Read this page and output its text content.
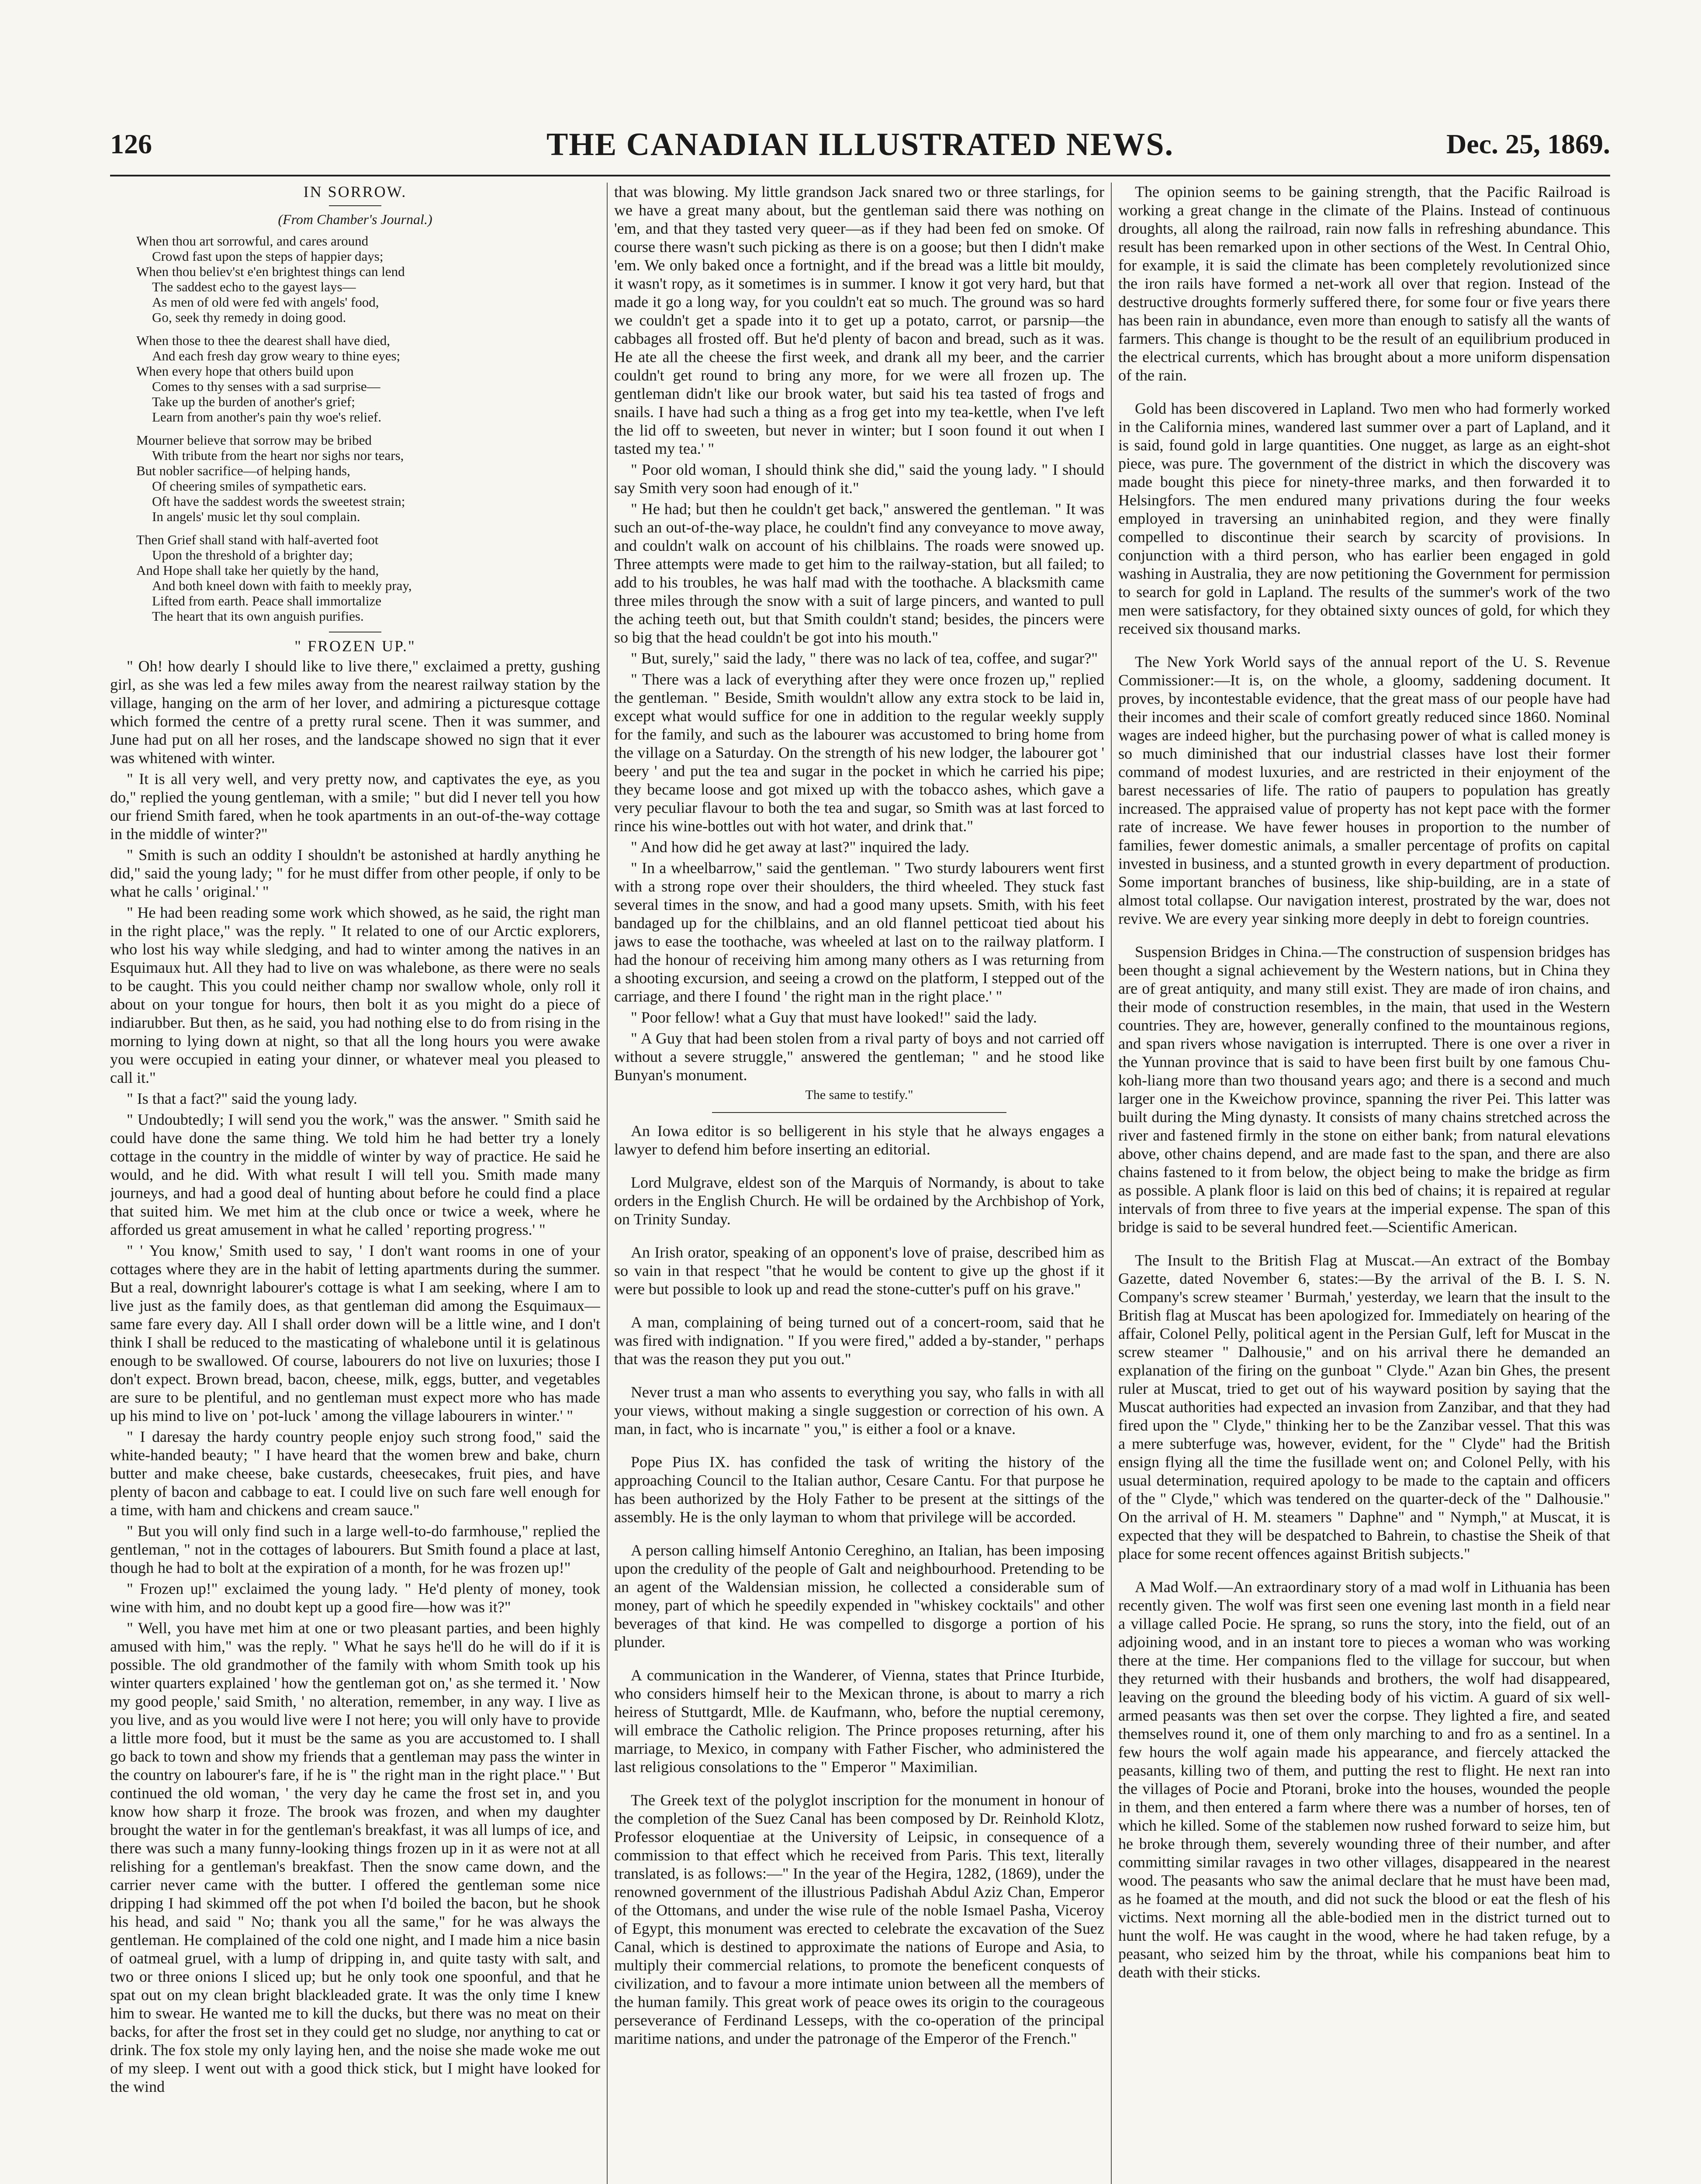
126	THE CANADIAN ILLUSTRATED NEWS.	Dec. 25, 1869.
IN SORROW.
(From Chamber's Journal.)
When thou art sorrowful, and cares around
Crowd fast upon the steps of happier days;
When thou believ'st e'en brightest things can lend
The saddest echo to the gayest lays—
As men of old were fed with angels' food,
Go, seek thy remedy in doing good.
When those to thee the dearest shall have died,
And each fresh day grow weary to thine eyes;
When every hope that others build upon
Comes to thy senses with a sad surprise—
Take up the burden of another's grief;
Learn from another's pain thy woe's relief.
Mourner believe that sorrow may be bribed
With tribute from the heart nor sighs nor tears,
But nobler sacrifice—of helping hands,
Of cheering smiles of sympathetic ears.
Oft have the saddest words the sweetest strain;
In angels' music let thy soul complain.
Then Grief shall stand with half-averted foot
Upon the threshold of a brighter day;
And Hope shall take her quietly by the hand,
And both kneel down with faith to meekly pray,
Lifted from earth. Peace shall immortalize
The heart that its own anguish purifies.
" FROZEN UP."

" Oh! how dearly I should like to live there," exclaimed a pretty, gushing girl, as she was led a few miles away from the nearest railway station by the village, hanging on the arm of her lover, and admiring a picturesque cottage which formed the centre of a pretty rural scene. Then it was summer, and June had put on all her roses, and the landscape showed no sign that it ever was whitened with winter.

" It is all very well, and very pretty now, and captivates the eye, as you do," replied the young gentleman, with a smile; " but did I never tell you how our friend Smith fared, when he took apartments in an out-of-the-way cottage in the middle of winter?"

" Smith is such an oddity I shouldn't be astonished at hardly anything he did," said the young lady; " for he must differ from other people, if only to be what he calls ' original.' "

" He had been reading some work which showed, as he said, the right man in the right place," was the reply. " It related to one of our Arctic explorers, who lost his way while sledging, and had to winter among the natives in an Esquimaux hut. All they had to live on was whalebone, as there were no seals to be caught. This you could neither champ nor swallow whole, only roll it about on your tongue for hours, then bolt it as you might do a piece of indiarubber. But then, as he said, you had nothing else to do from rising in the morning to lying down at night, so that all the long hours you were awake you were occupied in eating your dinner, or whatever meal you pleased to call it."

" Is that a fact?" said the young lady.

" Undoubtedly; I will send you the work," was the answer. " Smith said he could have done the same thing. We told him he had better try a lonely cottage in the country in the middle of winter by way of practice. He said he would, and he did. With what result I will tell you. Smith made many journeys, and had a good deal of hunting about before he could find a place that suited him. We met him at the club once or twice a week, where he afforded us great amusement in what he called ' reporting progress.' "

" ' You know,' Smith used to say, ' I don't want rooms in one of your cottages where they are in the habit of letting apartments during the summer. But a real, downright labourer's cottage is what I am seeking, where I am to live just as the family does, as that gentleman did among the Esquimaux—same fare every day. All I shall order down will be a little wine, and I don't think I shall be reduced to the masticating of whalebone until it is gelatinous enough to be swallowed. Of course, labourers do not live on luxuries; those I don't expect. Brown bread, bacon, cheese, milk, eggs, butter, and vegetables are sure to be plentiful, and no gentleman must expect more who has made up his mind to live on ' pot-luck ' among the village labourers in winter.' "

" I daresay the hardy country people enjoy such strong food," said the white-handed beauty; " I have heard that the women brew and bake, churn butter and make cheese, bake custards, cheesecakes, fruit pies, and have plenty of bacon and cabbage to eat. I could live on such fare well enough for a time, with ham and chickens and cream sauce."

" But you will only find such in a large well-to-do farmhouse," replied the gentleman, " not in the cottages of labourers. But Smith found a place at last, though he had to bolt at the expiration of a month, for he was frozen up!"

" Frozen up!" exclaimed the young lady. " He'd plenty of money, took wine with him, and no doubt kept up a good fire—how was it?"

" Well, you have met him at one or two pleasant parties, and been highly amused with him," was the reply. " What he says he'll do he will do if it is possible. The old grandmother of the family with whom Smith took up his winter quarters explained ' how the gentleman got on,' as she termed it. ' Now my good people,' said Smith, ' no alteration, remember, in any way. I live as you live, and as you would live were I not here; you will only have to provide a little more food, but it must be the same as you are accustomed to. I shall go back to town and show my friends that a gentleman may pass the winter in the country on labourer's fare, if he is " the right man in the right place." ' But continued the old woman, ' the very day he came the frost set in, and you know how sharp it froze. The brook was frozen, and when my daughter brought the water in for the gentleman's breakfast, it was all lumps of ice, and there was such a many funny-looking things frozen up in it as were not at all relishing for a gentleman's breakfast. Then the snow came down, and the carrier never came with the butter. I offered the gentleman some nice dripping I had skimmed off the pot when I'd boiled the bacon, but he shook his head, and said " No; thank you all the same," for he was always the gentleman. He complained of the cold one night, and I made him a nice basin of oatmeal gruel, with a lump of dripping in, and quite tasty with salt, and two or three onions I sliced up; but he only took one spoonful, and that he spat out on my clean bright blackleaded grate. It was the only time I knew him to swear. He wanted me to kill the ducks, but there was no meat on their backs, for after the frost set in they could get no sludge, nor anything to cat or drink. The fox stole my only laying hen, and the noise she made woke me out of my sleep. I went out with a good thick stick, but I might have looked for the wind

that was blowing. My little grandson Jack snared two or three starlings, for we have a great many about, but the gentleman said there was nothing on 'em, and that they tasted very queer—as if they had been fed on smoke. Of course there wasn't such picking as there is on a goose; but then I didn't make 'em. We only baked once a fortnight, and if the bread was a little bit mouldy, it wasn't ropy, as it sometimes is in summer. I know it got very hard, but that made it go a long way, for you couldn't eat so much. The ground was so hard we couldn't get a spade into it to get up a potato, carrot, or parsnip—the cabbages all frosted off. But he'd plenty of bacon and bread, such as it was. He ate all the cheese the first week, and drank all my beer, and the carrier couldn't get round to bring any more, for we were all frozen up. The gentleman didn't like our brook water, but said his tea tasted of frogs and snails. I have had such a thing as a frog get into my tea-kettle, when I've left the lid off to sweeten, but never in winter; but I soon found it out when I tasted my tea.' "

" Poor old woman, I should think she did," said the young lady. " I should say Smith very soon had enough of it."

" He had; but then he couldn't get back," answered the gentleman. " It was such an out-of-the-way place, he couldn't find any conveyance to move away, and couldn't walk on account of his chilblains. The roads were snowed up. Three attempts were made to get him to the railway-station, but all failed; to add to his troubles, he was half mad with the toothache. A blacksmith came three miles through the snow with a suit of large pincers, and wanted to pull the aching teeth out, but that Smith couldn't stand; besides, the pincers were so big that the head couldn't be got into his mouth."

" But, surely," said the lady, " there was no lack of tea, coffee, and sugar?"

" There was a lack of everything after they were once frozen up," replied the gentleman. " Beside, Smith wouldn't allow any extra stock to be laid in, except what would suffice for one in addition to the regular weekly supply for the family, and such as the labourer was accustomed to bring home from the village on a Saturday. On the strength of his new lodger, the labourer got ' beery ' and put the tea and sugar in the pocket in which he carried his pipe; they became loose and got mixed up with the tobacco ashes, which gave a very peculiar flavour to both the tea and sugar, so Smith was at last forced to rince his wine-bottles out with hot water, and drink that."

" And how did he get away at last?" inquired the lady.

" In a wheelbarrow," said the gentleman. " Two sturdy labourers went first with a strong rope over their shoulders, the third wheeled. They stuck fast several times in the snow, and had a good many upsets. Smith, with his feet bandaged up for the chilblains, and an old flannel petticoat tied about his jaws to ease the toothache, was wheeled at last on to the railway platform. I had the honour of receiving him among many others as I was returning from a shooting excursion, and seeing a crowd on the platform, I stepped out of the carriage, and there I found ' the right man in the right place.' "

" Poor fellow! what a Guy that must have looked!" said the lady.

" A Guy that had been stolen from a rival party of boys and not carried off without a severe struggle," answered the gentleman; " and he stood like Bunyan's monument.

The same to testify."

An Iowa editor is so belligerent in his style that he always engages a lawyer to defend him before inserting an editorial.

Lord Mulgrave, eldest son of the Marquis of Normandy, is about to take orders in the English Church. He will be ordained by the Archbishop of York, on Trinity Sunday.

An Irish orator, speaking of an opponent's love of praise, described him as so vain in that respect "that he would be content to give up the ghost if it were but possible to look up and read the stone-cutter's puff on his grave."

A man, complaining of being turned out of a concert-room, said that he was fired with indignation. " If you were fired," added a by-stander, " perhaps that was the reason they put you out."

Never trust a man who assents to everything you say, who falls in with all your views, without making a single suggestion or correction of his own. A man, in fact, who is incarnate " you," is either a fool or a knave.

Pope Pius IX. has confided the task of writing the history of the approaching Council to the Italian author, Cesare Cantu. For that purpose he has been authorized by the Holy Father to be present at the sittings of the assembly. He is the only layman to whom that privilege will be accorded.

A person calling himself Antonio Cereghino, an Italian, has been imposing upon the credulity of the people of Galt and neighbourhood. Pretending to be an agent of the Waldensian mission, he collected a considerable sum of money, part of which he speedily expended in "whiskey cocktails" and other beverages of that kind. He was compelled to disgorge a portion of his plunder.

A communication in the Wanderer, of Vienna, states that Prince Iturbide, who considers himself heir to the Mexican throne, is about to marry a rich heiress of Stuttgardt, Mlle. de Kaufmann, who, before the nuptial ceremony, will embrace the Catholic religion. The Prince proposes returning, after his marriage, to Mexico, in company with Father Fischer, who administered the last religious consolations to the " Emperor " Maximilian.

The Greek text of the polyglot inscription for the monument in honour of the completion of the Suez Canal has been composed by Dr. Reinhold Klotz, Professor eloquentiae at the University of Leipsic, in consequence of a commission to that effect which he received from Paris. This text, literally translated, is as follows:—" In the year of the Hegira, 1282, (1869), under the renowned government of the illustrious Padishah Abdul Aziz Chan, Emperor of the Ottomans, and under the wise rule of the noble Ismael Pasha, Viceroy of Egypt, this monument was erected to celebrate the excavation of the Suez Canal, which is destined to approximate the nations of Europe and Asia, to multiply their commercial relations, to promote the beneficent conquests of civilization, and to favour a more intimate union between all the members of the human family. This great work of peace owes its origin to the courageous perseverance of Ferdinand Lesseps, with the co-operation of the principal maritime nations, and under the patronage of the Emperor of the French."

The opinion seems to be gaining strength, that the Pacific Railroad is working a great change in the climate of the Plains. Instead of continuous droughts, all along the railroad, rain now falls in refreshing abundance. This result has been remarked upon in other sections of the West. In Central Ohio, for example, it is said the climate has been completely revolutionized since the iron rails have formed a net-work all over that region. Instead of the destructive droughts formerly suffered there, for some four or five years there has been rain in abundance, even more than enough to satisfy all the wants of farmers. This change is thought to be the result of an equilibrium produced in the electrical currents, which has brought about a more uniform dispensation of the rain.

Gold has been discovered in Lapland. Two men who had formerly worked in the California mines, wandered last summer over a part of Lapland, and it is said, found gold in large quantities. One nugget, as large as an eight-shot piece, was pure. The government of the district in which the discovery was made bought this piece for ninety-three marks, and then forwarded it to Helsingfors. The men endured many privations during the four weeks employed in traversing an uninhabited region, and they were finally compelled to discontinue their search by scarcity of provisions. In conjunction with a third person, who has earlier been engaged in gold washing in Australia, they are now petitioning the Government for permission to search for gold in Lapland. The results of the summer's work of the two men were satisfactory, for they obtained sixty ounces of gold, for which they received six thousand marks.

The New York World says of the annual report of the U. S. Revenue Commissioner:—It is, on the whole, a gloomy, saddening document. It proves, by incontestable evidence, that the great mass of our people have had their incomes and their scale of comfort greatly reduced since 1860. Nominal wages are indeed higher, but the purchasing power of what is called money is so much diminished that our industrial classes have lost their former command of modest luxuries, and are restricted in their enjoyment of the barest necessaries of life. The ratio of paupers to population has greatly increased. The appraised value of property has not kept pace with the former rate of increase. We have fewer houses in proportion to the number of families, fewer domestic animals, a smaller percentage of profits on capital invested in business, and a stunted growth in every department of production. Some important branches of business, like ship-building, are in a state of almost total collapse. Our navigation interest, prostrated by the war, does not revive. We are every year sinking more deeply in debt to foreign countries.

Suspension Bridges in China.—The construction of suspension bridges has been thought a signal achievement by the Western nations, but in China they are of great antiquity, and many still exist. They are made of iron chains, and their mode of construction resembles, in the main, that used in the Western countries. They are, however, generally confined to the mountainous regions, and span rivers whose navigation is interrupted. There is one over a river in the Yunnan province that is said to have been first built by one famous Chu-koh-liang more than two thousand years ago; and there is a second and much larger one in the Kweichow province, spanning the river Pei. This latter was built during the Ming dynasty. It consists of many chains stretched across the river and fastened firmly in the stone on either bank; from natural elevations above, other chains depend, and are made fast to the span, and there are also chains fastened to it from below, the object being to make the bridge as firm as possible. A plank floor is laid on this bed of chains; it is repaired at regular intervals of from three to five years at the imperial expense. The span of this bridge is said to be several hundred feet.—Scientific American.

The Insult to the British Flag at Muscat.—An extract of the Bombay Gazette, dated November 6, states:—By the arrival of the B. I. S. N. Company's screw steamer ' Burmah,' yesterday, we learn that the insult to the British flag at Muscat has been apologized for. Immediately on hearing of the affair, Colonel Pelly, political agent in the Persian Gulf, left for Muscat in the screw steamer " Dalhousie," and on his arrival there he demanded an explanation of the firing on the gunboat " Clyde." Azan bin Ghes, the present ruler at Muscat, tried to get out of his wayward position by saying that the Muscat authorities had expected an invasion from Zanzibar, and that they had fired upon the " Clyde," thinking her to be the Zanzibar vessel. That this was a mere subterfuge was, however, evident, for the " Clyde" had the British ensign flying all the time the fusillade went on; and Colonel Pelly, with his usual determination, required apology to be made to the captain and officers of the " Clyde," which was tendered on the quarter-deck of the " Dalhousie." On the arrival of H. M. steamers " Daphne" and " Nymph," at Muscat, it is expected that they will be despatched to Bahrein, to chastise the Sheik of that place for some recent offences against British subjects."

A Mad Wolf.—An extraordinary story of a mad wolf in Lithuania has been recently given. The wolf was first seen one evening last month in a field near a village called Pocie. He sprang, so runs the story, into the field, out of an adjoining wood, and in an instant tore to pieces a woman who was working there at the time. Her companions fled to the village for succour, but when they returned with their husbands and brothers, the wolf had disappeared, leaving on the ground the bleeding body of his victim. A guard of six well-armed peasants was then set over the corpse. They lighted a fire, and seated themselves round it, one of them only marching to and fro as a sentinel. In a few hours the wolf again made his appearance, and fiercely attacked the peasants, killing two of them, and putting the rest to flight. He next ran into the villages of Pocie and Ptorani, broke into the houses, wounded the people in them, and then entered a farm where there was a number of horses, ten of which he killed. Some of the stablemen now rushed forward to seize him, but he broke through them, severely wounding three of their number, and after committing similar ravages in two other villages, disappeared in the nearest wood. The peasants who saw the animal declare that he must have been mad, as he foamed at the mouth, and did not suck the blood or eat the flesh of his victims. Next morning all the able-bodied men in the district turned out to hunt the wolf. He was caught in the wood, where he had taken refuge, by a peasant, who seized him by the throat, while his companions beat him to death with their sticks.
